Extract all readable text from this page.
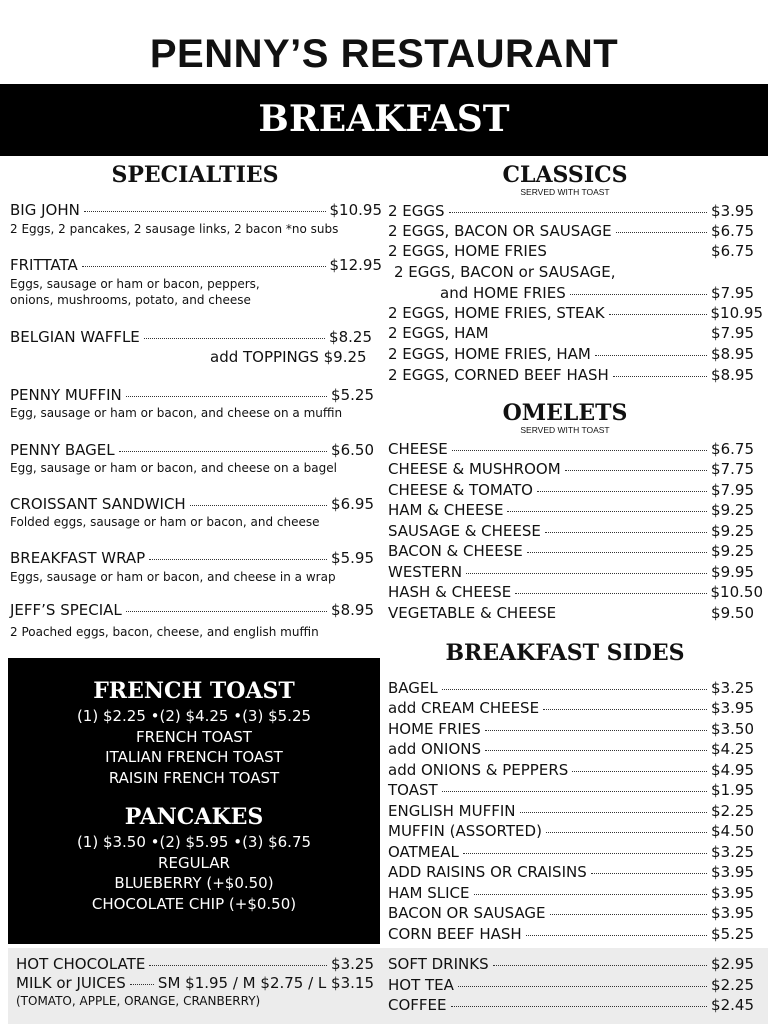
PENNY’S RESTAURANT
BREAKFAST
SPECIALTIES
BIG JOHN	$10.95
2 Eggs, 2 pancakes, 2 sausage links, 2 bacon *no subs
FRITTATA	$12.95
Eggs, sausage or ham or bacon, peppers,
onions, mushrooms, potato, and cheese
BELGIAN WAFFLE	$8.25
add TOPPINGS $9.25
PENNY MUFFIN	$5.25
Egg, sausage or ham or bacon, and cheese on a muffin
PENNY BAGEL	$6.50
Egg, sausage or ham or bacon, and cheese on a bagel
CROISSANT SANDWICH	$6.95
Folded eggs, sausage or ham or bacon, and cheese
BREAKFAST WRAP	$5.95
Eggs, sausage or ham or bacon, and cheese in a wrap
JEFF’S SPECIAL	$8.95
2 Poached eggs, bacon, cheese, and english muffin
CLASSICS
SERVED WITH TOAST
2 EGGS	$3.95
2 EGGS, BACON OR SAUSAGE	$6.75
2 EGGS, HOME FRIES	$6.75
2 EGGS, BACON or SAUSAGE,
and HOME FRIES	$7.95
2 EGGS, HOME FRIES, STEAK	$10.95
2 EGGS, HAM	$7.95
2 EGGS, HOME FRIES, HAM	$8.95
2 EGGS, CORNED BEEF HASH	$8.95
OMELETS
SERVED WITH TOAST
CHEESE	$6.75
CHEESE & MUSHROOM	$7.75
CHEESE & TOMATO	$7.95
HAM & CHEESE	$9.25
SAUSAGE & CHEESE	$9.25
BACON & CHEESE	$9.25
WESTERN	$9.95
HASH & CHEESE	$10.50
VEGETABLE & CHEESE	$9.50
BREAKFAST SIDES
BAGEL	$3.25
add CREAM CHEESE	$3.95
HOME FRIES	$3.50
add ONIONS	$4.25
add ONIONS & PEPPERS	$4.95
TOAST	$1.95
ENGLISH MUFFIN	$2.25
MUFFIN (ASSORTED)	$4.50
OATMEAL	$3.25
ADD RAISINS OR CRAISINS	$3.95
HAM SLICE	$3.95
BACON OR SAUSAGE	$3.95
CORN BEEF HASH	$5.25
FRENCH TOAST
(1) $2.25 •(2) $4.25 •(3) $5.25
FRENCH TOAST
ITALIAN FRENCH TOAST
RAISIN FRENCH TOAST
PANCAKES
(1) $3.50 •(2) $5.95 •(3) $6.75
REGULAR
BLUEBERRY (+$0.50)
CHOCOLATE CHIP (+$0.50)
HOT CHOCOLATE	$3.25
MILK or JUICES SM $1.95 / M $2.75 / L $3.15
(TOMATO, APPLE, ORANGE, CRANBERRY)
SOFT DRINKS	$2.95
HOT TEA	$2.25
COFFEE	$2.45
